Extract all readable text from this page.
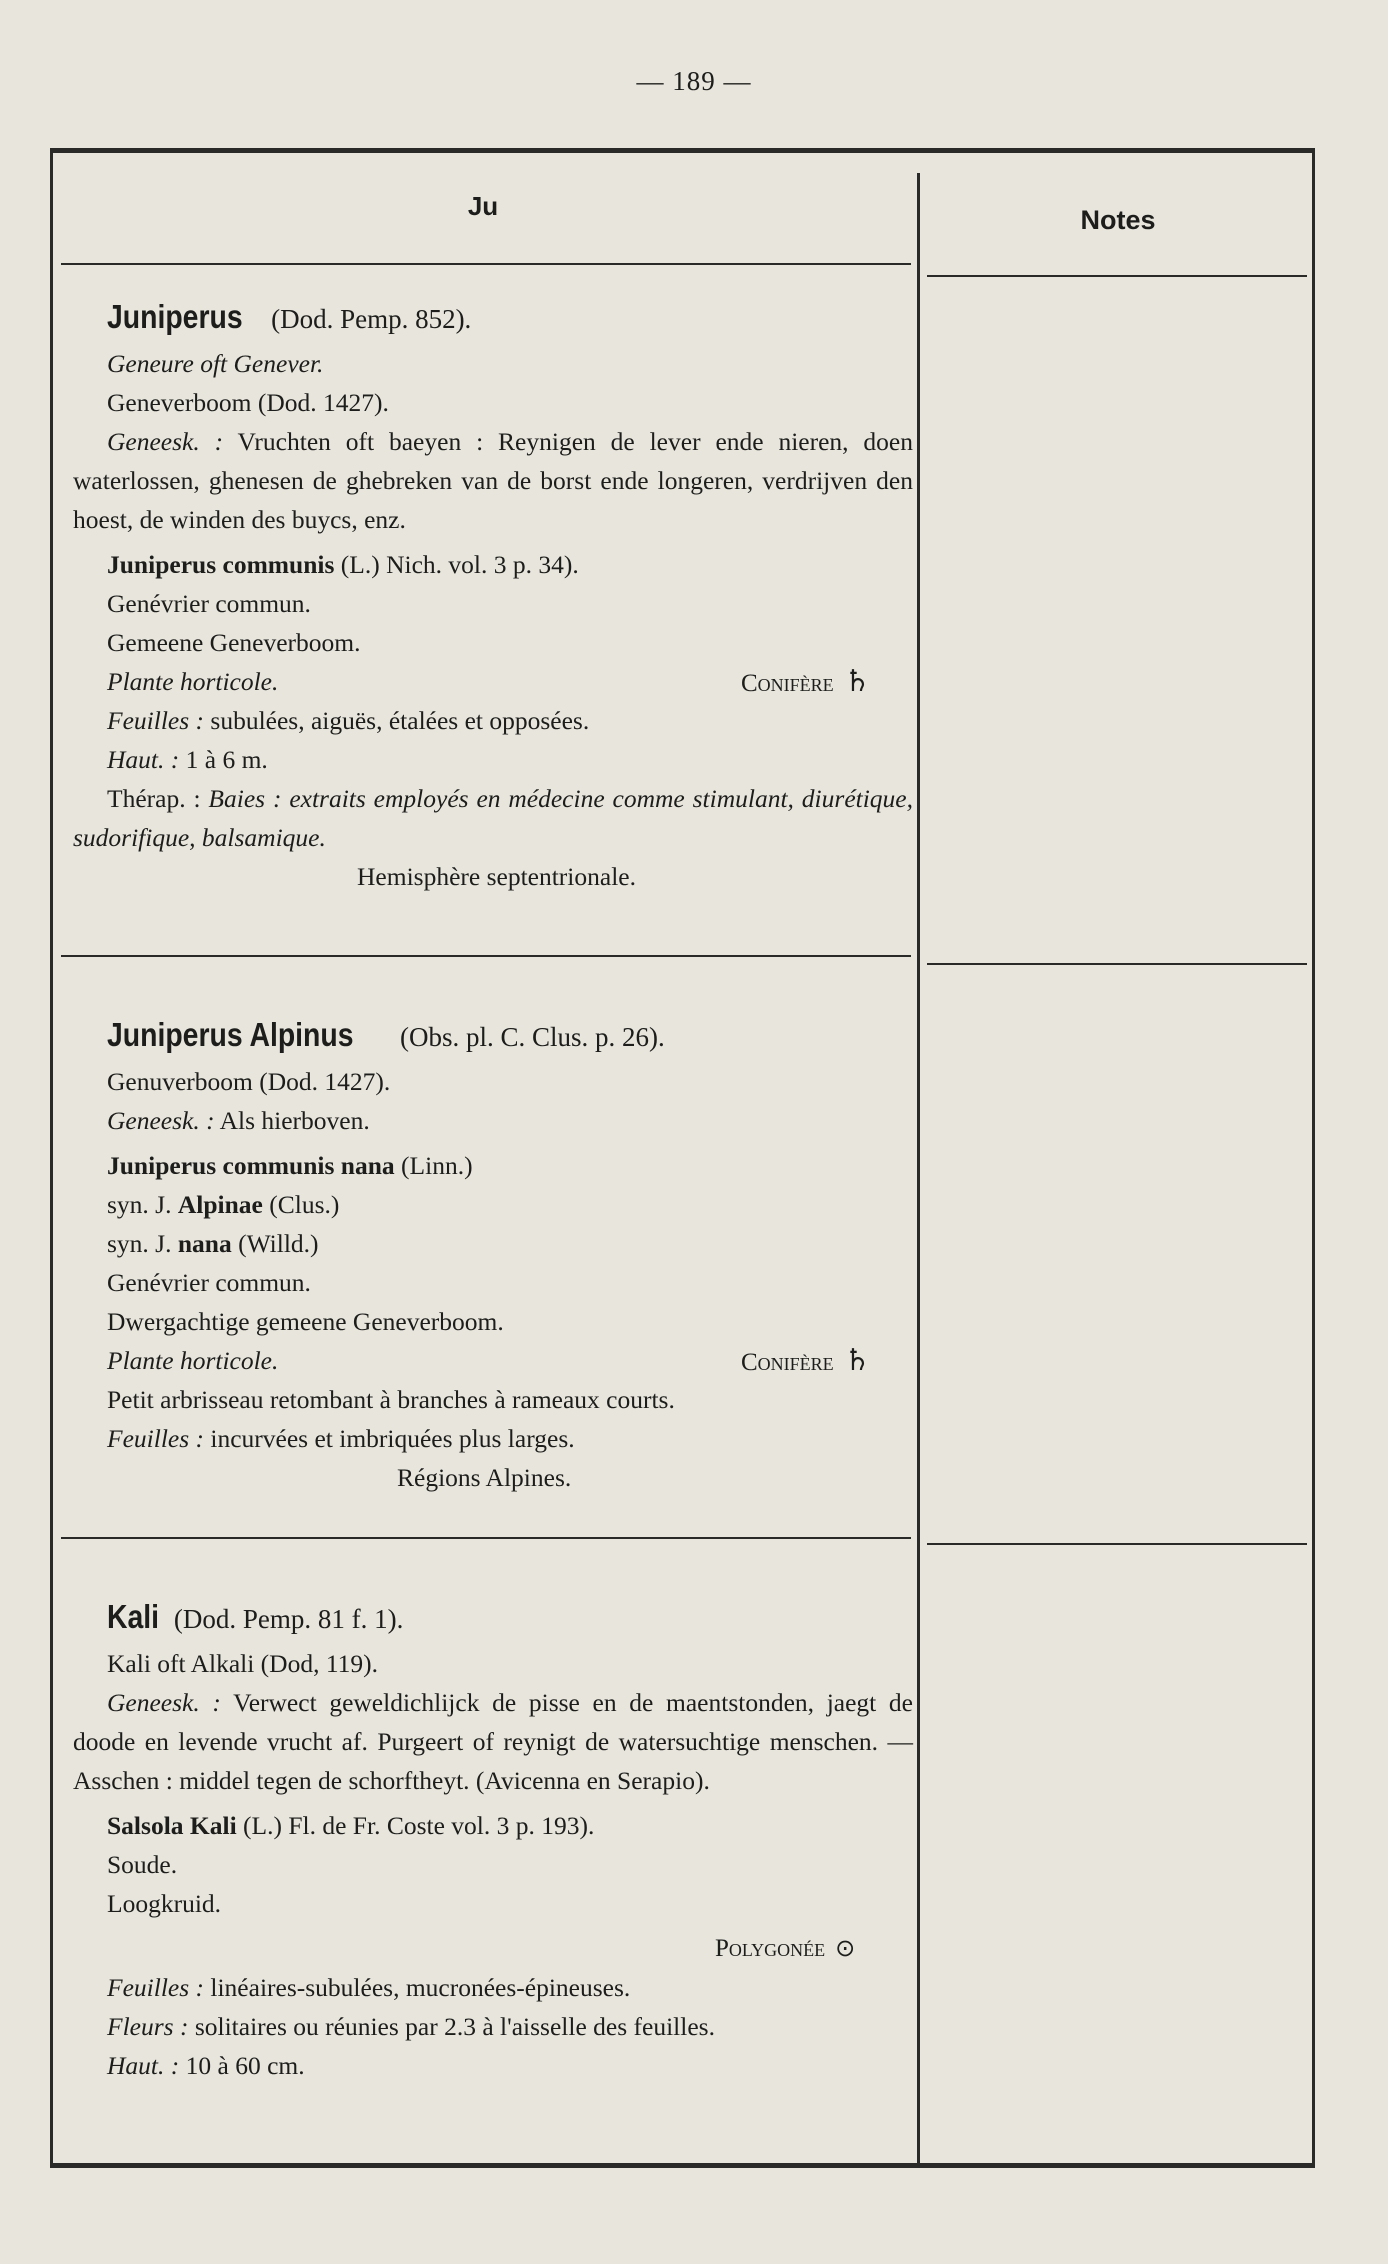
— 189 —
Ju	Notes

Juniperus (Dod. Pemp. 852).

Geneure oft Genever.

Geneverboom (Dod. 1427).

Geneesk. : Vruchten oft baeyen : Reynigen de lever ende nieren, doen waterlossen, ghenesen de ghebreken van de borst ende longeren, verdrijven den hoest, de winden des buycs, enz.

Juniperus communis (L.) Nich. vol. 3 p. 34).

Genévrier commun.

Gemeene Geneverboom.

Plante horticole.	Conifère ♄

Feuilles : subulées, aiguës, étalées et opposées.

Haut. : 1 à 6 m.

Thérap. : Baies : extraits employés en médecine comme stimulant, diurétique, sudorifique, balsamique.

Hemisphère septentrionale.

Juniperus Alpinus (Obs. pl. C. Clus. p. 26).

Genuverboom (Dod. 1427).

Geneesk. : Als hierboven.

Juniperus communis nana (Linn.)

syn. J. Alpinae (Clus.)

syn. J. nana (Willd.)

Genévrier commun.

Dwergachtige gemeene Geneverboom.

Plante horticole.	Conifère ♄

Petit arbrisseau retombant à branches à rameaux courts.

Feuilles : incurvées et imbriquées plus larges.

Régions Alpines.

Kali (Dod. Pemp. 81 f. 1).

Kali oft Alkali (Dod, 119).

Geneesk. : Verwect geweldichlijck de pisse en de maentstonden, jaegt de doode en levende vrucht af. Purgeert of reynigt de watersuchtige menschen. — Asschen : middel tegen de schorftheyt. (Avicenna en Serapio).

Salsola Kali (L.) Fl. de Fr. Coste vol. 3 p. 193).

Soude.

Loogkruid.

Polygonée ⊙

Feuilles : linéaires-subulées, mucronées-épineuses.

Fleurs : solitaires ou réunies par 2.3 à l'aisselle des feuilles.

Haut. : 10 à 60 cm.
